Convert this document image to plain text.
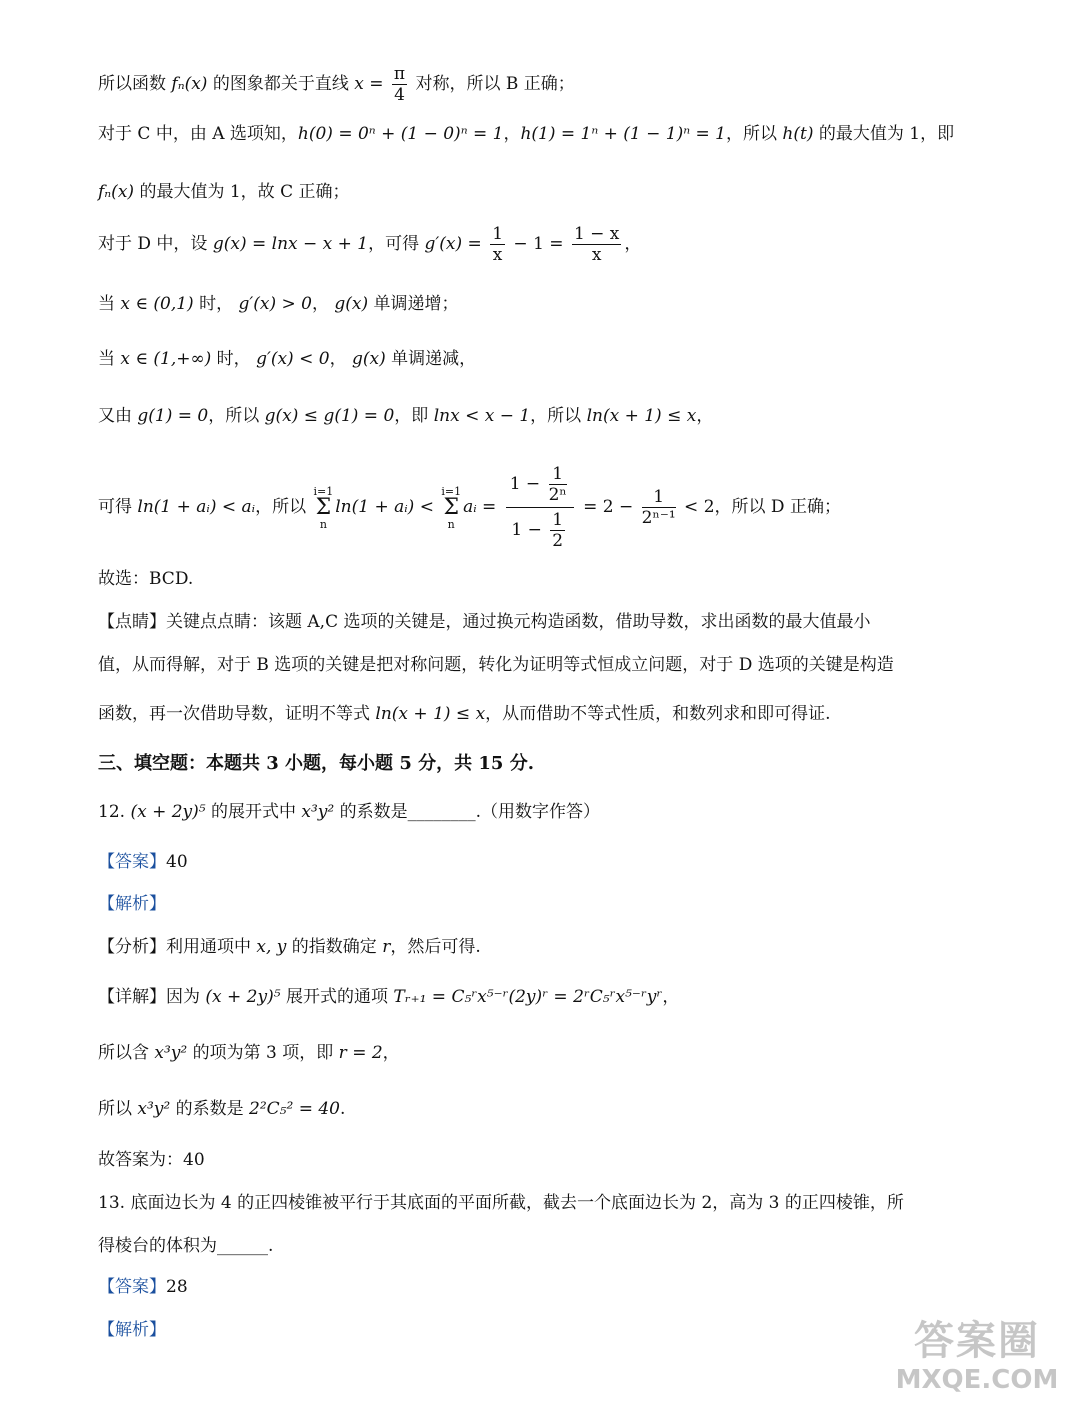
所以函数 fₙ(x) 的图象都关于直线 $x = \frac{\pi}{4}$ 对称，所以 B 正确；
对于 C 中，由 A 选项知，h(0) = 0ⁿ + (1 − 0)ⁿ = 1，h(1) = 1ⁿ + (1 − 1)ⁿ = 1，所以 h(t) 的最大值为 1，即
fₙ(x) 的最大值为 1，故 C 正确；
对于 D 中，设 g(x) = lnx − x + 1，可得 $g'(x) = \frac{1}{x} - 1 = \frac{1 - x}{x}$ ，
当 x ∈ (0,1) 时， g′(x) > 0， g(x) 单调递增；
当 x ∈ (1,+∞) 时， g′(x) < 0， g(x) 单调递减，
又由 g(1) = 0，所以 g(x) ≤ g(1) = 0，即 lnx < x − 1，所以 ln(x + 1) ≤ x，
可得 ln(1 + aᵢ) < aᵢ，所以
i=1
Σ
n
ln(1 + aᵢ) <
i=1
Σ
n
aᵢ = $\frac{1 - \frac{1}{\text{2ⁿ}}}{1 - \frac{1}{2}} = 2 - \frac{1}{\text{2ⁿ⁻¹}} < 2$，所以 D 正确；
故选：BCD.
【点睛】关键点点睛：该题 A,C 选项的关键是，通过换元构造函数，借助导数，求出函数的最大值最小
值，从而得解，对于 B 选项的关键是把对称问题，转化为证明等式恒成立问题，对于 D 选项的关键是构造
函数，再一次借助导数，证明不等式 ln(x + 1) ≤ x，从而借助不等式性质，和数列求和即可得证.
三、填空题：本题共 3 小题，每小题 5 分，共 15 分.
12. (x + 2y)⁵ 的展开式中 x³y² 的系数是________.（用数字作答）
【答案】40
【解析】
【分析】利用通项中 x, y 的指数确定 r，然后可得.
【详解】因为 (x + 2y)⁵ 展开式的通项 Tᵣ₊₁ = C₅ʳx⁵⁻ʳ(2y)ʳ = 2ʳC₅ʳx⁵⁻ʳyʳ，
所以含 x³y² 的项为第 3 项，即 r = 2，
所以 x³y² 的系数是 2²C₅² = 40.
故答案为：40
13. 底面边长为 4 的正四棱锥被平行于其底面的平面所截，截去一个底面边长为 2，高为 3 的正四棱锥，所
得棱台的体积为______.
【答案】28
【解析】	答案圈
MXQE.COM
